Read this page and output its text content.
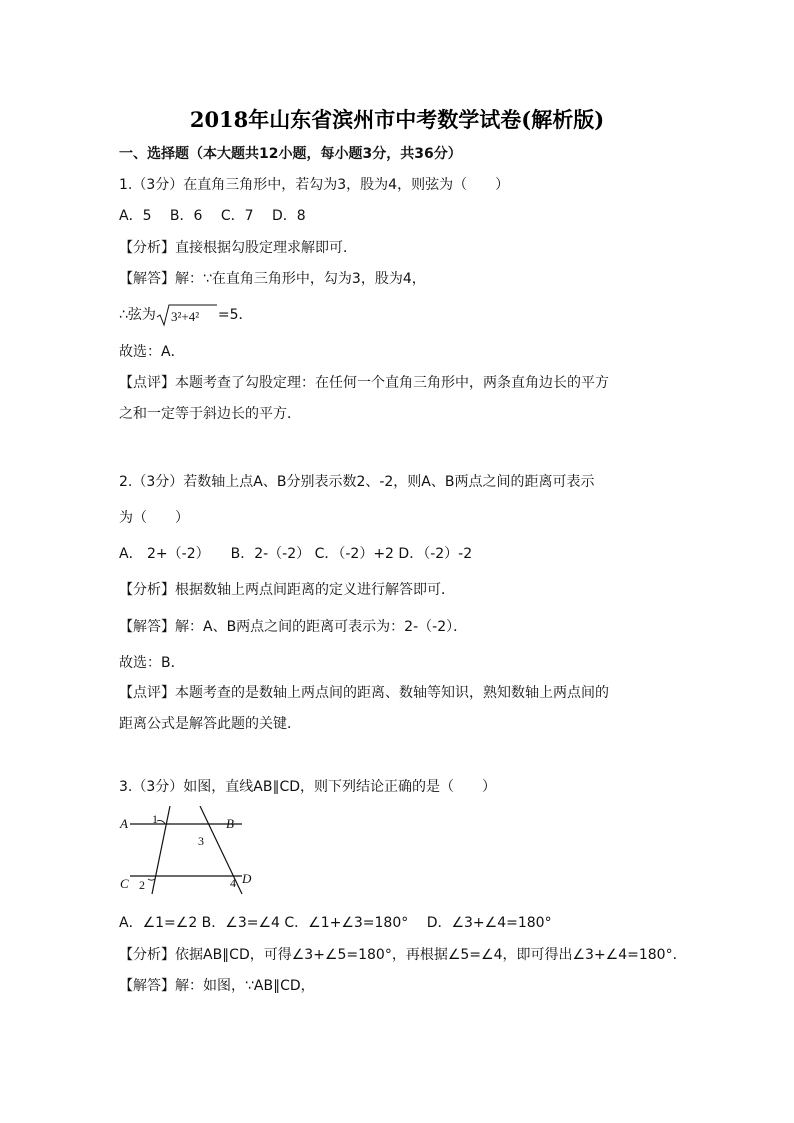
2018年山东省滨州市中考数学试卷(解析版)
一、选择题（本大题共12小题，每小题3分，共36分）
1.（3分）在直角三角形中，若勾为3，股为4，则弦为（　　）
A．5　 B．6　 C．7　 D．8
【分析】直接根据勾股定理求解即可．
【解答】解：∵在直角三角形中，勾为3，股为4，
∴弦为 3²+4² =5．
故选：A．
【点评】本题考查了勾股定理：在任何一个直角三角形中，两条直角边长的平方
之和一定等于斜边长的平方．
2.（3分）若数轴上点A、B分别表示数2、-2，则A、B两点之间的距离可表示
为（　　）
A． 2+（-2）　　B．2-（-2） C．（-2）+2 D．（-2）-2
【分析】根据数轴上两点间距离的定义进行解答即可．
【解答】解：A、B两点之间的距离可表示为：2-（-2）．
故选：B．
【点评】本题考查的是数轴上两点间的距离、数轴等知识，熟知数轴上两点间的
距离公式是解答此题的关键．
3.（3分）如图，直线AB∥CD，则下列结论正确的是（　　）
A	B
C	D
1
2
3
4
A．∠1=∠2 B．∠3=∠4 C．∠1+∠3=180°　 D．∠3+∠4=180°
【分析】依据AB∥CD，可得∠3+∠5=180°，再根据∠5=∠4，即可得出∠3+∠4=180°．
【解答】解：如图，∵AB∥CD，
